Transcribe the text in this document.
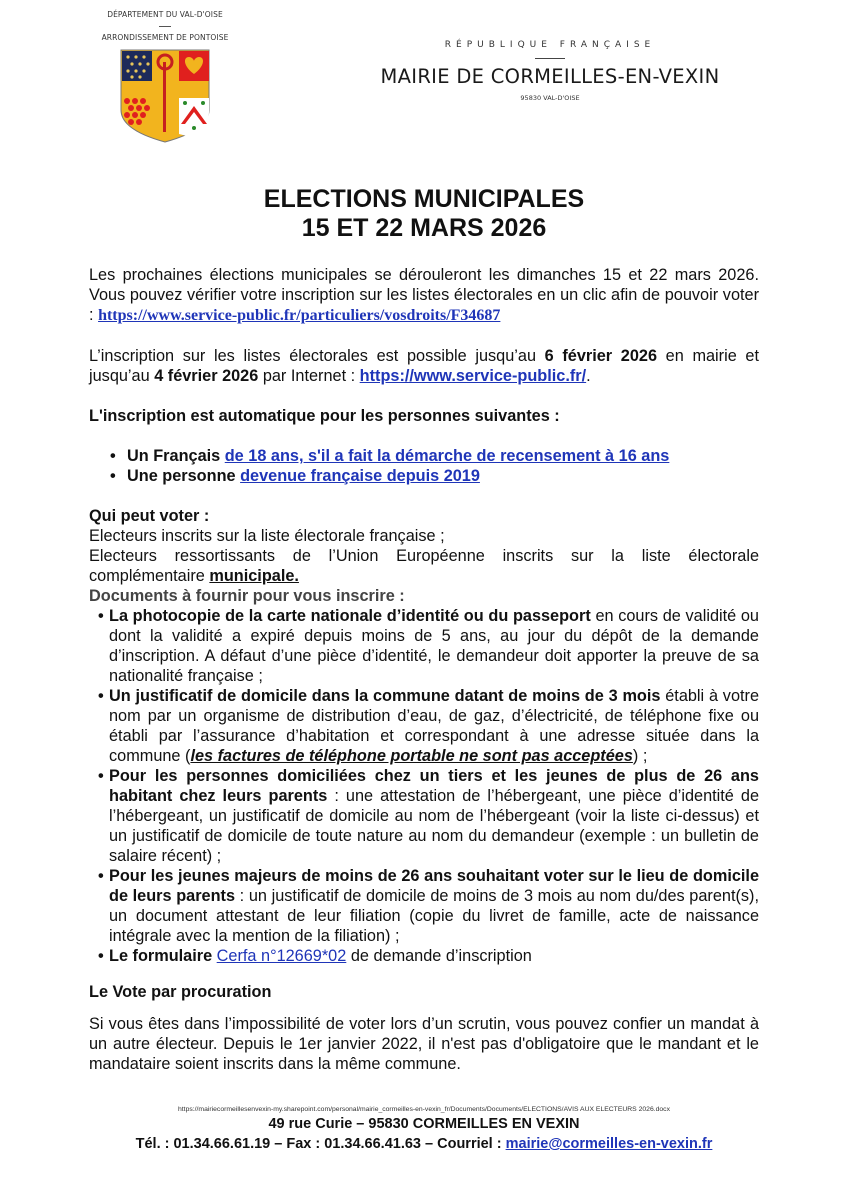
DÉPARTEMENT DU VAL-D'OISE
ARRONDISSEMENT DE PONTOISE
RÉPUBLIQUE FRANÇAISE
MAIRIE DE CORMEILLES-EN-VEXIN
95830 VAL-D'OISE
ELECTIONS MUNICIPALES
15 ET 22 MARS 2026

Les prochaines élections municipales se dérouleront les dimanches 15 et 22 mars 2026. Vous pouvez vérifier votre inscription sur les listes électorales en un clic afin de pouvoir voter : https://www.service-public.fr/particuliers/vosdroits/F34687

L’inscription sur les listes électorales est possible jusqu’au 6 février 2026 en mairie et jusqu’au 4 février 2026 par Internet : https://www.service-public.fr/.

L'inscription est automatique pour les personnes suivantes :

• Un Français de 18 ans, s'il a fait la démarche de recensement à 16 ans
• Une personne devenue française depuis 2019

Qui peut voter :

Electeurs inscrits sur la liste électorale française ;

Electeurs ressortissants de l’Union Européenne inscrits sur la liste électorale complémentaire municipale.

Documents à fournir pour vous inscrire :

• La photocopie de la carte nationale d’identité ou du passeport en cours de validité ou dont la validité a expiré depuis moins de 5 ans, au jour du dépôt de la demande d’inscription. A défaut d’une pièce d’identité, le demandeur doit apporter la preuve de sa nationalité française ;
• Un justificatif de domicile dans la commune datant de moins de 3 mois établi à votre nom par un organisme de distribution d’eau, de gaz, d’électricité, de téléphone fixe ou établi par l’assurance d’habitation et correspondant à une adresse située dans la commune (les factures de téléphone portable ne sont pas acceptées) ;
• Pour les personnes domiciliées chez un tiers et les jeunes de plus de 26 ans habitant chez leurs parents : une attestation de l’hébergeant, une pièce d’identité de l’hébergeant, un justificatif de domicile au nom de l’hébergeant (voir la liste ci-dessus) et un justificatif de domicile de toute nature au nom du demandeur (exemple : un bulletin de salaire récent) ;
• Pour les jeunes majeurs de moins de 26 ans souhaitant voter sur le lieu de domicile de leurs parents : un justificatif de domicile de moins de 3 mois au nom du/des parent(s), un document attestant de leur filiation (copie du livret de famille, acte de naissance intégrale avec la mention de la filiation) ;
• Le formulaire Cerfa n°12669*02 de demande d’inscription

Le Vote par procuration

Si vous êtes dans l’impossibilité de voter lors d’un scrutin, vous pouvez confier un mandat à un autre électeur. Depuis le 1er janvier 2022, il n'est pas d'obligatoire que le mandant et le mandataire soient inscrits dans la même commune.

https://mairiecormeillesenvexin-my.sharepoint.com/personal/mairie_cormeilles-en-vexin_fr/Documents/Documents/ELECTIONS/AVIS AUX ELECTEURS 2026.docx
49 rue Curie – 95830 CORMEILLES EN VEXIN
Tél. : 01.34.66.61.19 – Fax : 01.34.66.41.63 – Courriel : mairie@cormeilles-en-vexin.fr
